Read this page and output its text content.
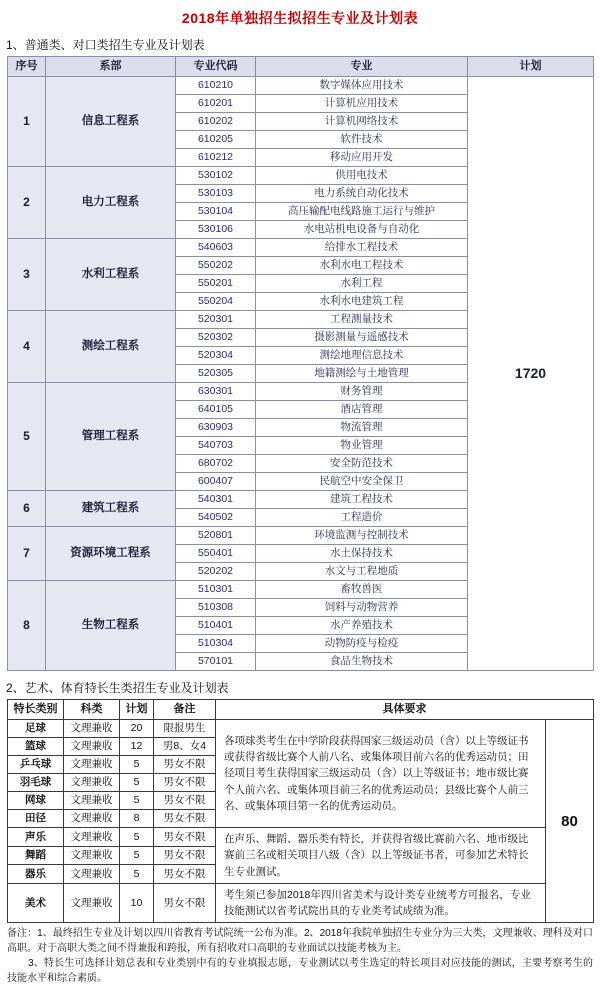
2018年单独招生拟招生专业及计划表
1、普通类、对口类招生专业及计划表
序号	系部	专业代码	专业	计划
1	信息工程系	610210	数字媒体应用技术	1720
		610201	计算机应用技术	
		610202	计算机网络技术	
		610205	软件技术	
		610212	移动应用开发	
2	电力工程系	530102	供用电技术	
		530103	电力系统自动化技术	
		530104	高压输配电线路施工运行与维护	
		530106	水电站机电设备与自动化	
3	水利工程系	540603	给排水工程技术	
		550202	水利水电工程技术	
		550201	水利工程	
		550204	水利水电建筑工程	
4	测绘工程系	520301	工程测量技术	
		520302	摄影测量与遥感技术	
		520304	测绘地理信息技术	
		520305	地籍测绘与土地管理	
5	管理工程系	630301	财务管理	
		640105	酒店管理	
		630903	物流管理	
		540703	物业管理	
		680702	安全防范技术	
		600407	民航空中安全保卫	
6	建筑工程系	540301	建筑工程技术	
		540502	工程造价	
7	资源环境工程系	520801	环境监测与控制技术	
		550401	水土保持技术	
		520202	水文与工程地质	
8	生物工程系	510301	畜牧兽医	
		510308	饲料与动物营养	
		510401	水产养殖技术	
		510304	动物防疫与检疫	
		570101	食品生物技术	
2、艺术、体育特长生类招生专业及计划表
特长类别	科类	计划	备注	具体要求	
足球	文理兼收	20	限报男生	各项球类考生在中学阶段获得国家三级运动员（含）以上等级证书或获得省级比赛个人前八名、或集体项目前六名的优秀运动员；田径项目考生获得国家三级运动员（含）以上等级证书；地市级比赛个人前六名、或集体项目前三名的优秀运动员；县级比赛个人前三名、或集体项目第一名的优秀运动员。	80
篮球	文理兼收	12	男8、女4		
乒乓球	文理兼收	5	男女不限		
羽毛球	文理兼收	5	男女不限		
网球	文理兼收	5	男女不限		
田径	文理兼收	8	男女不限		
声乐	文理兼收	5	男女不限	在声乐、舞蹈、器乐类有特长，并获得省级比赛前六名、地市级比赛前三名或相关项目八级（含）以上等级证书者，可参加艺术特长生专业测试。	
舞蹈	文理兼收	5	男女不限		
器乐	文理兼收	5	男女不限		
美术	文理兼收	10	男女不限	考生须已参加2018年四川省美术与设计类专业统考方可报名，专业技能测试以省考试院出具的专业类考试成绩为准。	
备注：1、最终招生专业及计划以四川省教育考试院统一公布为准。2、2018年我院单独招生专业分为三大类，文理兼收、理科及对口高职。对于高职大类之间不得兼报和跨报，所有招收对口高职的专业面试以技能考核为主。
3、特长生可选择计划总表和专业类别中有的专业填报志愿，专业测试以考生选定的特长项目对应技能的测试，主要考察考生的技能水平和综合素质。
